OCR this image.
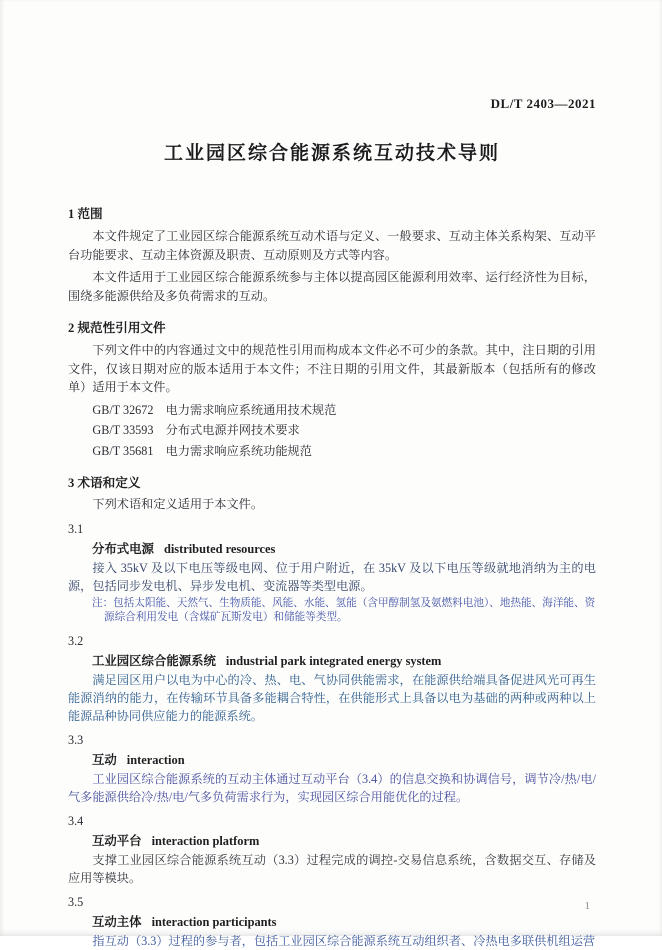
DL/T 2403—2021
工业园区综合能源系统互动技术导则
1 范围
本文件规定了工业园区综合能源系统互动术语与定义、一般要求、互动主体关系构架、互动平台功能要求、互动主体资源及职责、互动原则及方式等内容。
本文件适用于工业园区综合能源系统参与主体以提高园区能源利用效率、运行经济性为目标，围绕多能源供给及多负荷需求的互动。
2 规范性引用文件
下列文件中的内容通过文中的规范性引用而构成本文件必不可少的条款。其中，注日期的引用文件，仅该日期对应的版本适用于本文件；不注日期的引用文件，其最新版本（包括所有的修改单）适用于本文件。
GB/T 32672 电力需求响应系统通用技术规范
GB/T 33593 分布式电源并网技术要求
GB/T 35681 电力需求响应系统功能规范
3 术语和定义
下列术语和定义适用于本文件。
3.1
分布式电源 distributed resources
接入 35kV 及以下电压等级电网、位于用户附近，在 35kV 及以下电压等级就地消纳为主的电源，包括同步发电机、异步发电机、变流器等类型电源。
注：包括太阳能、天然气、生物质能、风能、水能、氢能（含甲醇制氢及氨燃料电池）、地热能、海洋能、资源综合利用发电（含煤矿瓦斯发电）和储能等类型。
3.2
工业园区综合能源系统 industrial park integrated energy system
满足园区用户以电为中心的冷、热、电、气协同供能需求，在能源供给端具备促进风光可再生能源消纳的能力，在传输环节具备多能耦合特性，在供能形式上具备以电为基础的两种或两种以上能源品种协同供应能力的能源系统。
3.3
互动 interaction
工业园区综合能源系统的互动主体通过互动平台（3.4）的信息交换和协调信号，调节冷/热/电/气多能源供给冷/热/电/气多负荷需求行为，实现园区综合用能优化的过程。
3.4
互动平台 interaction platform
支撑工业园区综合能源系统互动（3.3）过程完成的调控-交易信息系统，含数据交互、存储及应用等模块。
3.5
互动主体 interaction participants
指互动（3.3）过程的参与者，包括工业园区综合能源系统互动组织者、冷热电多联供机组运营
1
